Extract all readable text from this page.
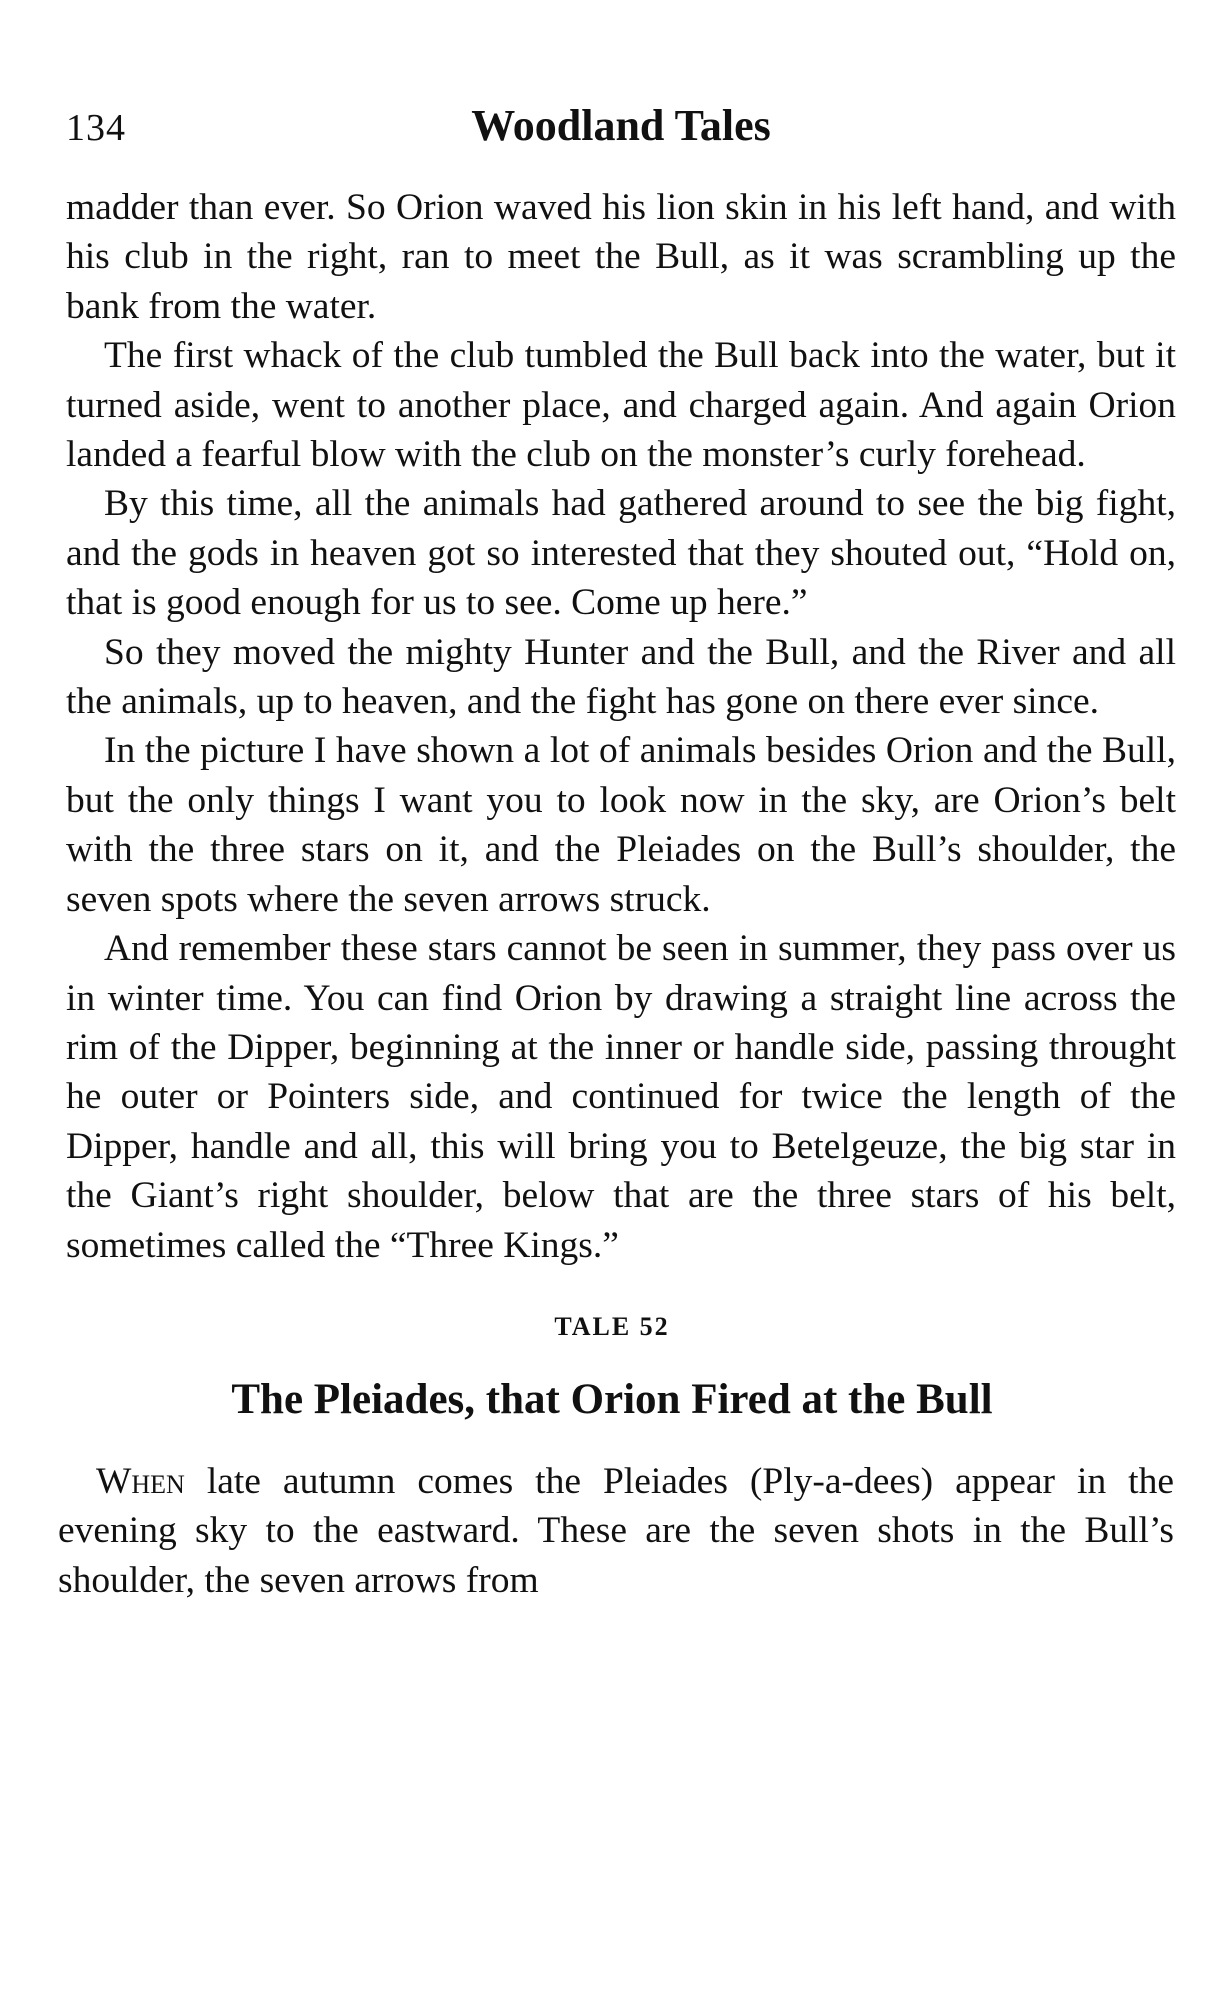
134	Woodland Tales

madder than ever. So Orion waved his lion skin in his left hand, and with his club in the right, ran to meet the Bull, as it was scrambling up the bank from the water.

The first whack of the club tumbled the Bull back into the water, but it turned aside, went to another place, and charged again. And again Orion landed a fearful blow with the club on the monster’s curly forehead.

By this time, all the animals had gathered around to see the big fight, and the gods in heaven got so interested that they shouted out, “Hold on, that is good enough for us to see. Come up here.”

So they moved the mighty Hunter and the Bull, and the River and all the animals, up to heaven, and the fight has gone on there ever since.

In the picture I have shown a lot of animals besides Orion and the Bull, but the only things I want you to look now in the sky, are Orion’s belt with the three stars on it, and the Pleiades on the Bull’s shoulder, the seven spots where the seven arrows struck.

And remember these stars cannot be seen in summer, they pass over us in winter time. You can find Orion by drawing a straight line across the rim of the Dipper, beginning at the inner or handle side, passing throught he outer or Pointers side, and continued for twice the length of the Dipper, handle and all, this will bring you to Betelgeuze, the big star in the Giant’s right shoulder, below that are the three stars of his belt, sometimes called the “Three Kings.”

TALE 52
The Pleiades, that Orion Fired at the Bull

When late autumn comes the Pleiades (Ply-a-dees) appear in the evening sky to the eastward. These are the seven shots in the Bull’s shoulder, the seven arrows from
